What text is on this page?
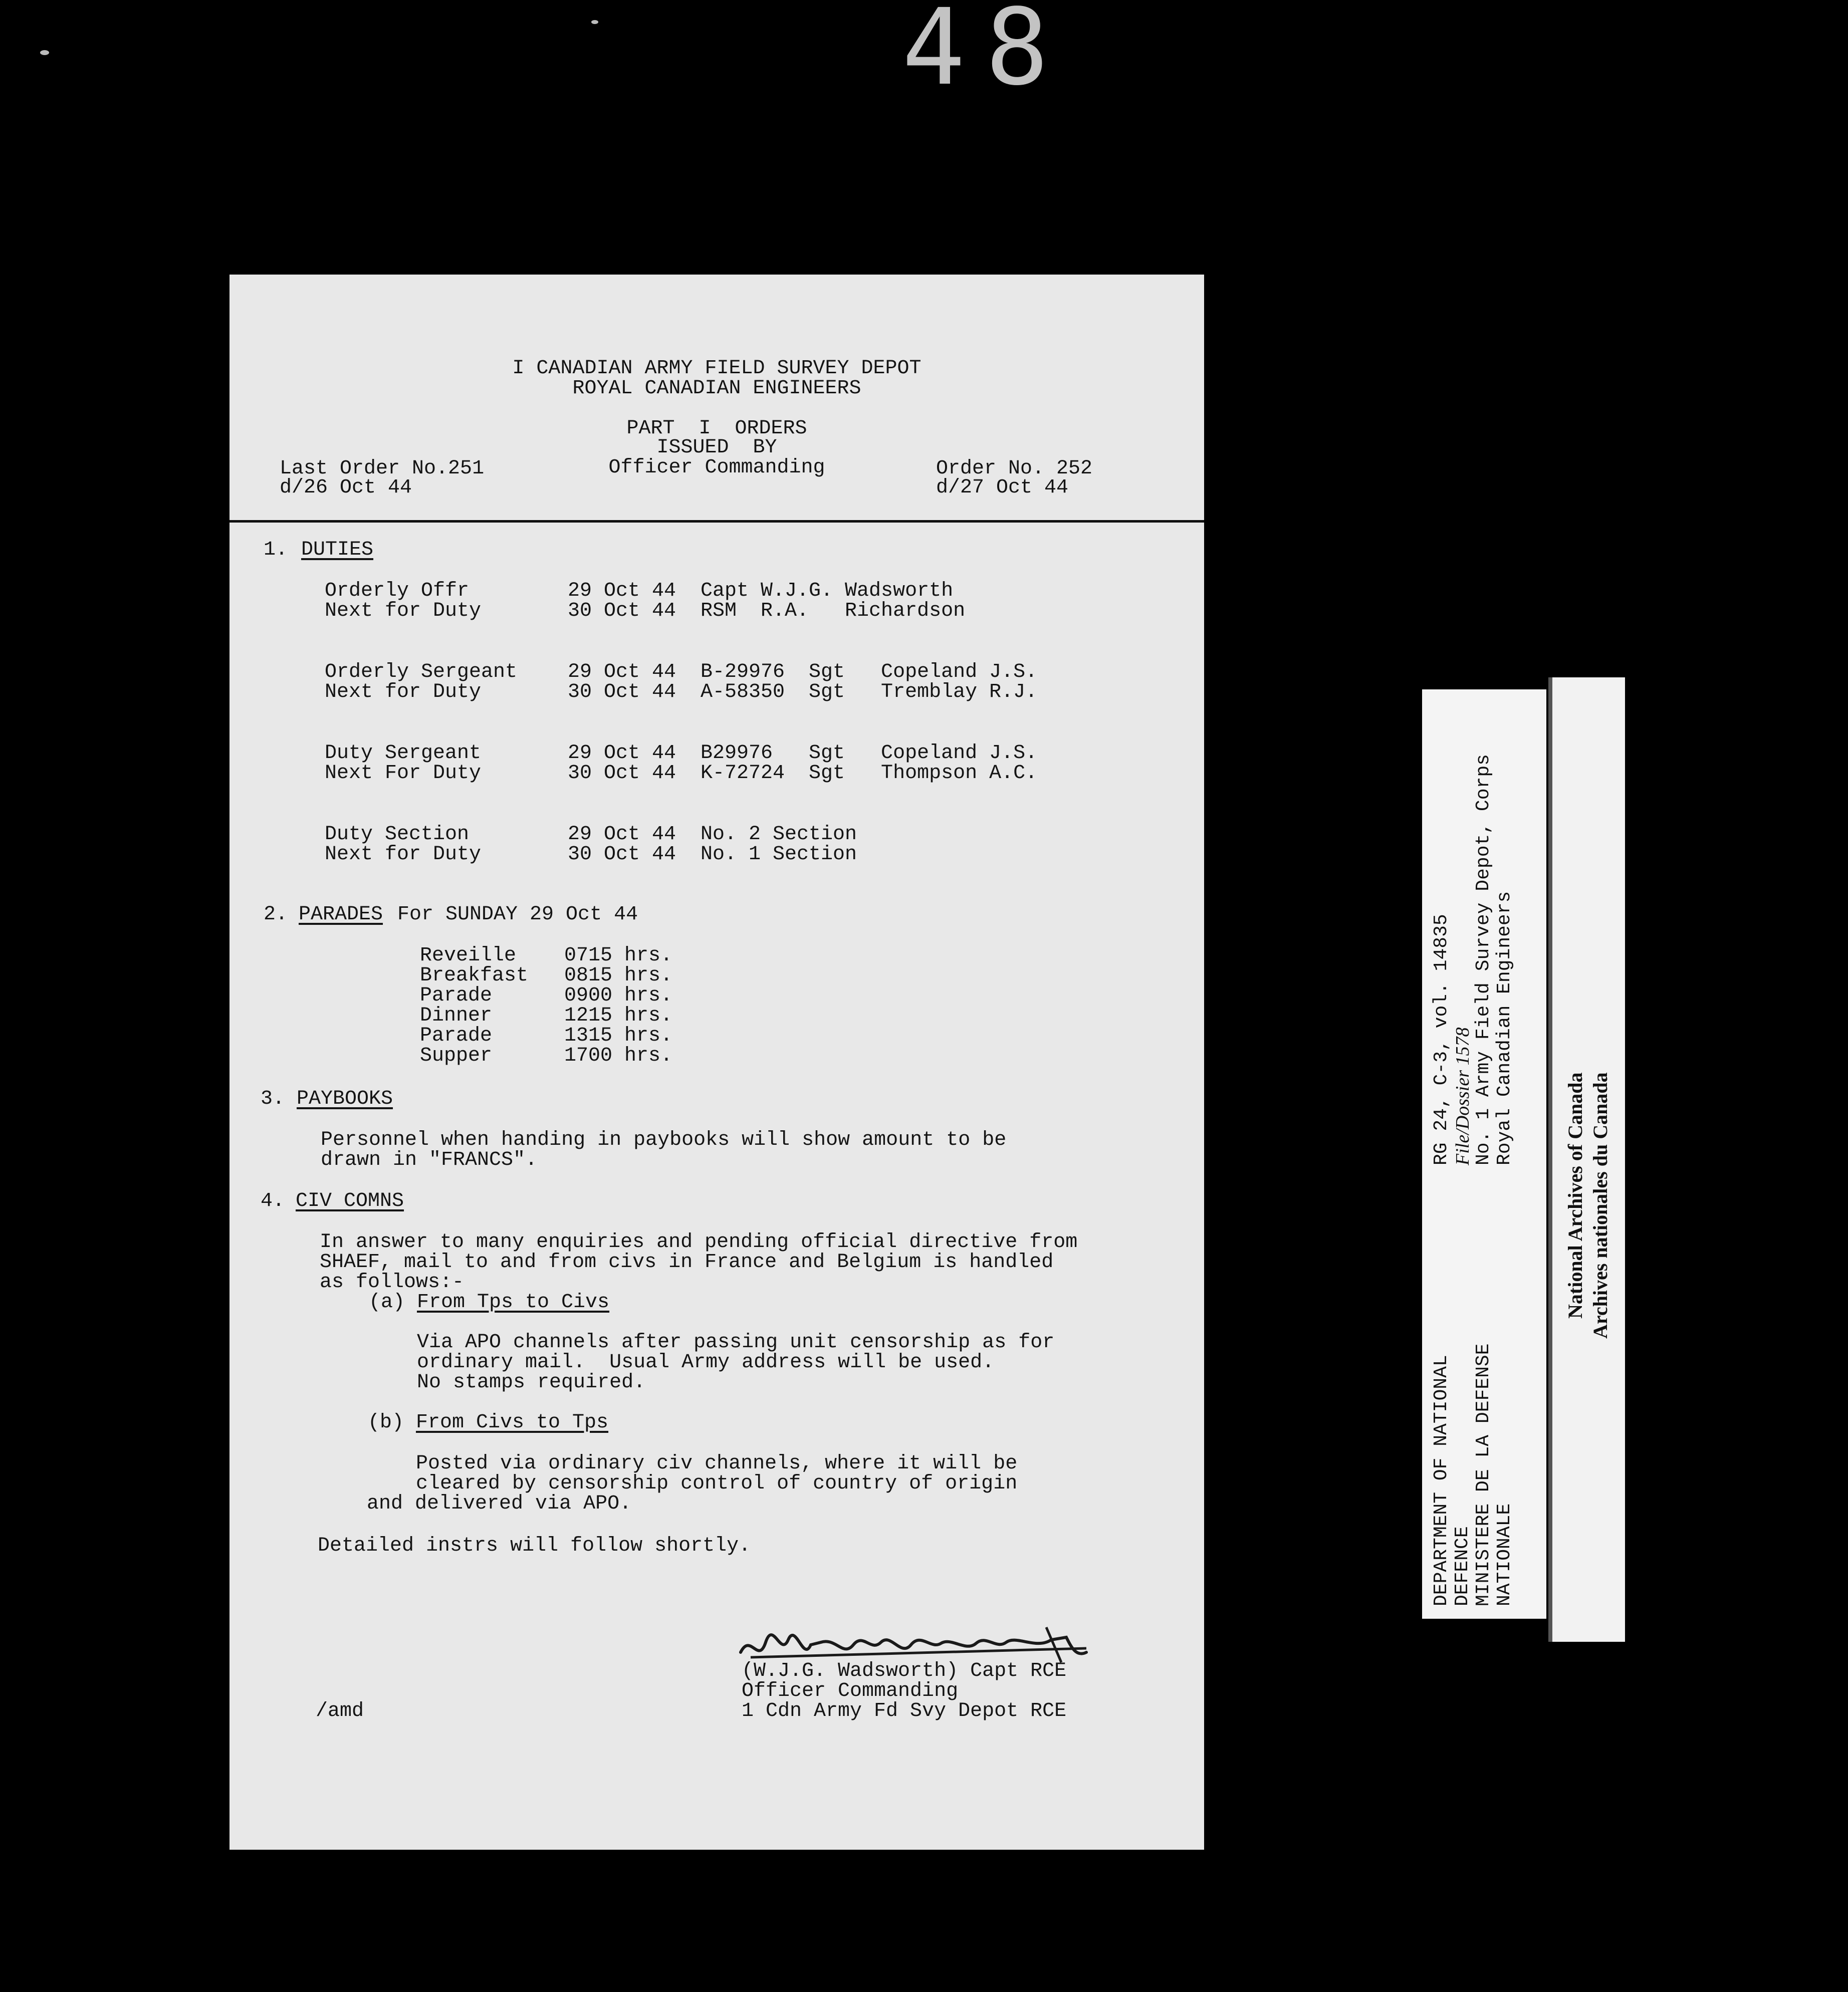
48
I CANADIAN ARMY FIELD SURVEY DEPOT
ROYAL CANADIAN ENGINEERS
PART  I  ORDERS
ISSUED  BY
Officer Commanding
Last Order No.251
d/26 Oct 44
Order No. 252
d/27 Oct 44
1. DUTIES
Orderly Offr	29 Oct 44 Capt W.J.G. Wadsworth
Next for Duty	30 Oct 44 RSM  R.A.   Richardson
Orderly Sergeant	29 Oct 44 B-29976  Sgt   Copeland J.S.
Next for Duty	30 Oct 44 A-58350  Sgt   Tremblay R.J.
Duty Sergeant	29 Oct 44 B29976   Sgt   Copeland J.S.
Next For Duty	30 Oct 44 K-72724  Sgt   Thompson A.C.
Duty Section	29 Oct 44 No. 2 Section
Next for Duty	30 Oct 44 No. 1 Section
2. PARADES For SUNDAY 29 Oct 44
Reveille 0715 hrs.
Breakfast 0815 hrs.
Parade	0900 hrs.
Dinner	1215 hrs.
Parade	1315 hrs.
Supper	1700 hrs.
3. PAYBOOKS
Personnel when handing in paybooks will show amount to be
drawn in "FRANCS".
4. CIV COMNS
In answer to many enquiries and pending official directive from
SHAEF, mail to and from civs in France and Belgium is handled
as follows:-
(a) From Tps to Civs
Via APO channels after passing unit censorship as for
ordinary mail.  Usual Army address will be used.
No stamps required.
(b) From Civs to Tps
Posted via ordinary civ channels, where it will be
cleared by censorship control of country of origin
and delivered via APO.
Detailed instrs will follow shortly.
(W.J.G. Wadsworth) Capt RCE
Officer Commanding
1 Cdn Army Fd Svy Depot RCE
/amd
DEPARTMENT OF NATIONAL DEFENCE MINISTERE DE LA DEFENSE NATIONALE
RG 24, C-3, vol. 14835 File/Dossier 1578 No. 1 Army Field Survey Depot, Corps Royal Canadian Engineers
National Archives of Canada Archives nationales du Canada
